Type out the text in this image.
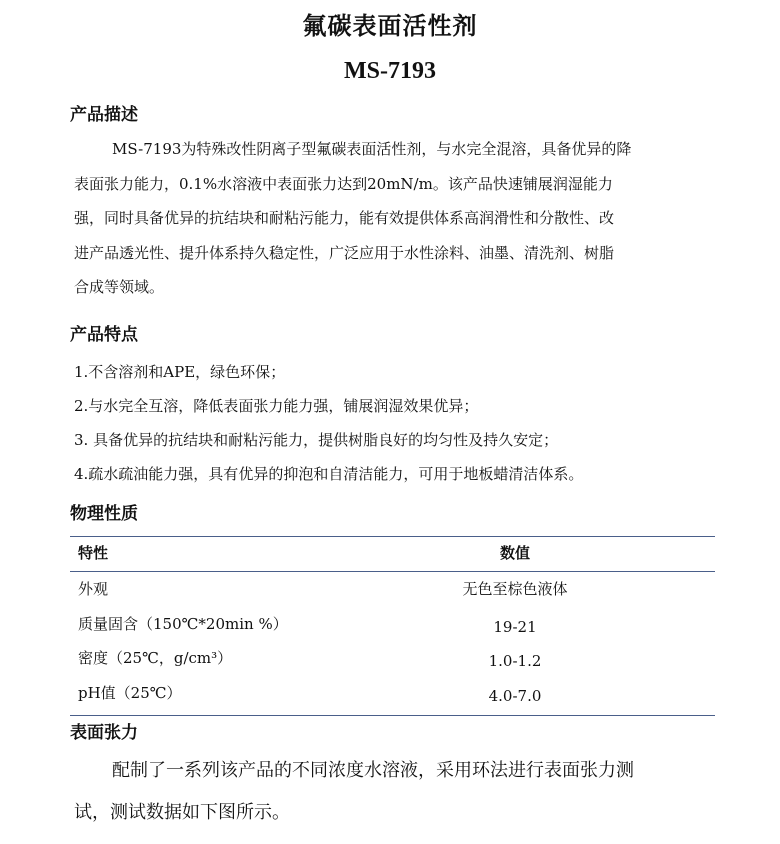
氟碳表面活性剂
MS-7193
产品描述
MS-7193为特殊改性阴离子型氟碳表面活性剂，与水完全混溶，具备优异的降
表面张力能力，0.1%水溶液中表面张力达到20mN/m。该产品快速铺展润湿能力
强，同时具备优异的抗结块和耐粘污能力，能有效提供体系高润滑性和分散性、改
进产品透光性、提升体系持久稳定性，广泛应用于水性涂料、油墨、清洗剂、树脂
合成等领域。
产品特点
1.不含溶剂和APE，绿色环保；
2.与水完全互溶，降低表面张力能力强，铺展润湿效果优异；
3. 具备优异的抗结块和耐粘污能力，提供树脂良好的均匀性及持久安定；
4.疏水疏油能力强，具有优异的抑泡和自清洁能力，可用于地板蜡清洁体系。
物理性质
特性	数值
外观	无色至棕色液体
质量固含（150℃*20min %）	19-21
密度（25℃，g/cm³）	1.0-1.2
pH值（25℃）	4.0-7.0
表面张力
配制了一系列该产品的不同浓度水溶液，采用环法进行表面张力测
试，测试数据如下图所示。
